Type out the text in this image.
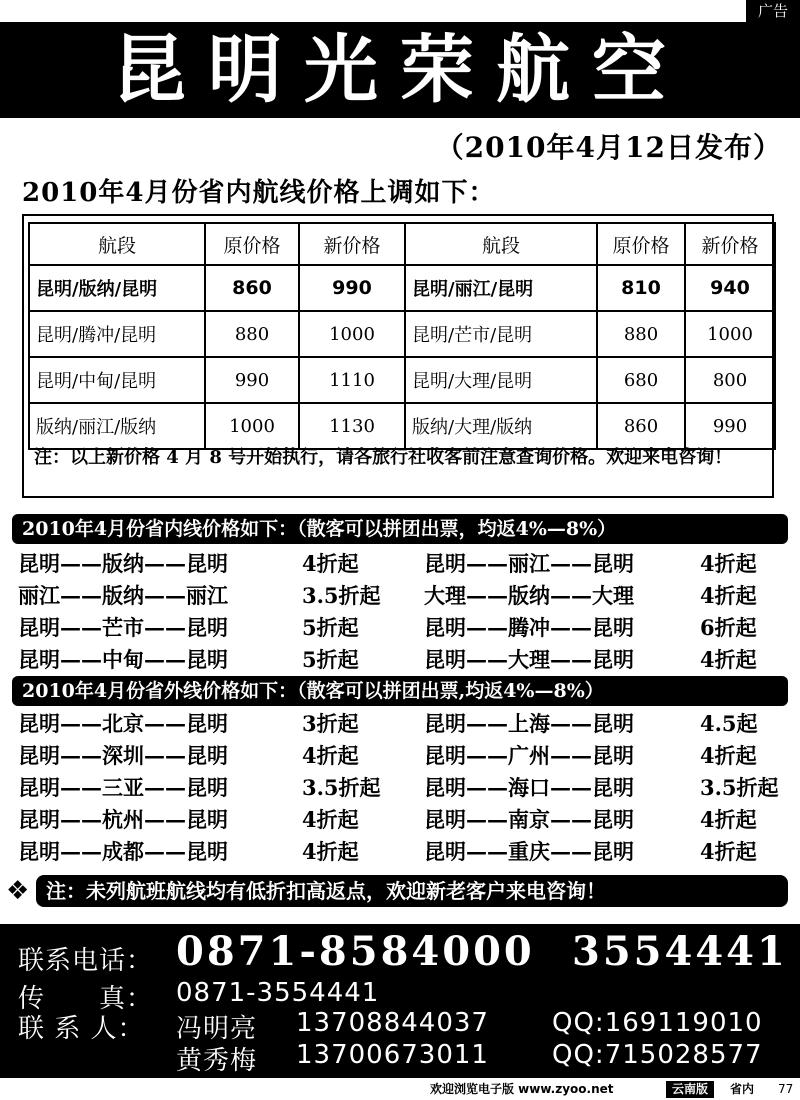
广告
昆明光荣航空
（2010年4月12日发布）
2010年4月份省内航线价格上调如下：
航段	原价格	新价格	航段	原价格	新价格
昆明/版纳/昆明	860	990	昆明/丽江/昆明	810	940
昆明/腾冲/昆明	880	1000	昆明/芒市/昆明	880	1000
昆明/中甸/昆明	990	1110	昆明/大理/昆明	680	800
版纳/丽江/版纳	1000	1130	版纳/大理/版纳	860	990
注：以上新价格 4 月 8 号开始执行，请各旅行社收客前注意查询价格。欢迎来电咨询！
2010年4月份省内线价格如下：（散客可以拼团出票，均返4%—8%）
昆明——版纳——昆明	4折起	昆明——丽江——昆明	4折起
丽江——版纳——丽江	3.5折起 大理——版纳——大理	4折起
昆明——芒市——昆明	5折起	昆明——腾冲——昆明	6折起
昆明——中甸——昆明	5折起	昆明——大理——昆明	4折起
2010年4月份省外线价格如下：（散客可以拼团出票,均返4%—8%）
昆明——北京——昆明	3折起	昆明——上海——昆明	4.5起
昆明——深圳——昆明	4折起	昆明——广州——昆明	4折起
昆明——三亚——昆明	3.5折起 昆明——海口——昆明	3.5折起
昆明——杭州——昆明	4折起	昆明——南京——昆明	4折起
昆明——成都——昆明	4折起	昆明——重庆——昆明	4折起
❖ 注：未列航班航线均有低折扣高返点，欢迎新老客户来电咨询！
联系电话： 0871-8584000 3554441
传　　真： 0871-3554441
联 系 人： 冯明亮 13708844037 QQ:169119010
黄秀梅 13700673011 QQ:715028577
欢迎浏览电子版 www.zyoo.net	云南版	省内 77
